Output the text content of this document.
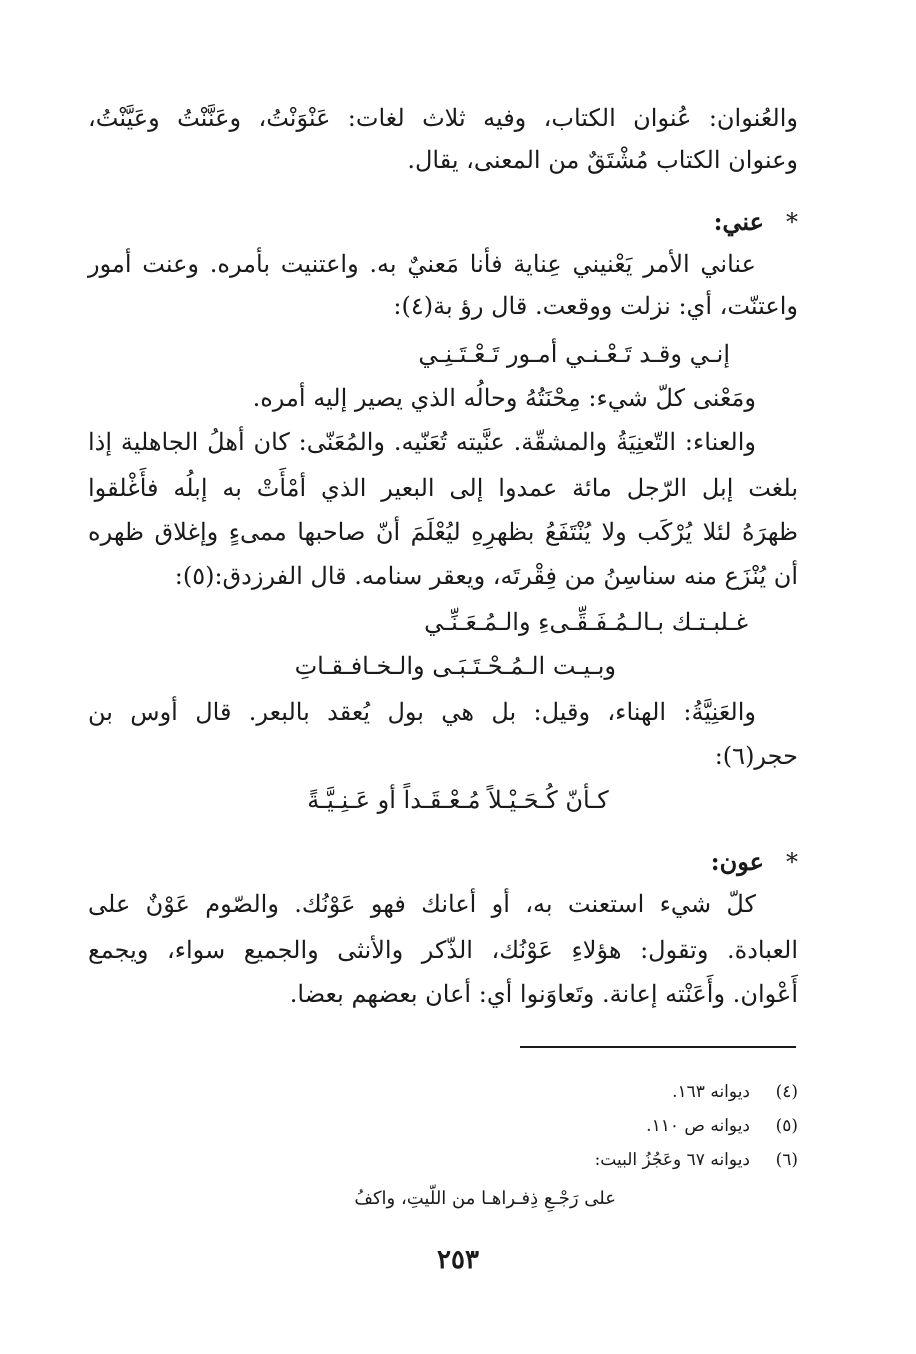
والعُنوان: عُنوان الكتاب، وفيه ثلاث لغات: عَنْوَنْتُ، وعَنَّنْتُ وعَيَّنْتُ،
وعنوان الكتاب مُشْتَقٌ من المعنى، يقال.
*عني:
عناني الأمر يَعْنيني عِناية فأنا مَعنيٌ به. واعتنيت بأمره. وعنت أمور
واعتنّت، أي: نزلت ووقعت. قال رؤ بة(٤):
إنـي وقـد تَـعْـنـي أمـور تَـعْـتَـنِـي
ومَعْنى كلّ شيء: مِحْنَتُهُ وحالُه الذي يصير إليه أمره.
والعناء: التّعنِيَةُ والمشقّة. عنَّيته تُعَنّيه. والمُعَنّى: كان أهلُ الجاهلية إذا
بلغت إبل الرّجل مائة عمدوا إلى البعير الذي أمْأَتْ به إبلُه فأَغْلقوا
ظهرَهُ لئلا يُرْكَب ولا يُنْتَفَعُ بظهرِهِ ليُعْلَمَ أنّ صاحبها ممىءٍ وإغلاق ظهره
أن يُنْزَع منه سناسِنُ من فِقْرتَه، ويعقر سنامه. قال الفرزدق:(٥):
غـلبـتـك بـالـمُـفَـقِّـىءِ والـمُـعَـنِّـي
وبـيـت الـمُـحْـتَـبَـى والـخـافـقـاتِ
والعَنِيَّةُ: الهناء، وقيل: بل هي بول يُعقد بالبعر. قال أوس بن
حجر(٦):
كـأنّ كُـحَـيْـلاً مُـعْـقَـداً أو عَـنِـيَّـةً
*عون:
كلّ شيء استعنت به، أو أعانك فهو عَوْنُك. والصّوم عَوْنٌ على
العبادة. وتقول: هؤلاءِ عَوْنُك، الذّكر والأنثى والجميع سواء، ويجمع
أَعْوان. وأَعَنْته إعانة. وتَعاوَنوا أي: أعان بعضهم بعضا.
(٤)ديوانه ١٦٣.
(٥)ديوانه ص ١١٠.
(٦)ديوانه ٦٧ وعَجُزُ البيت:
على رَجْـعِ ذِفـراهـا من اللّيتِ، واكفُ
٢٥٣
